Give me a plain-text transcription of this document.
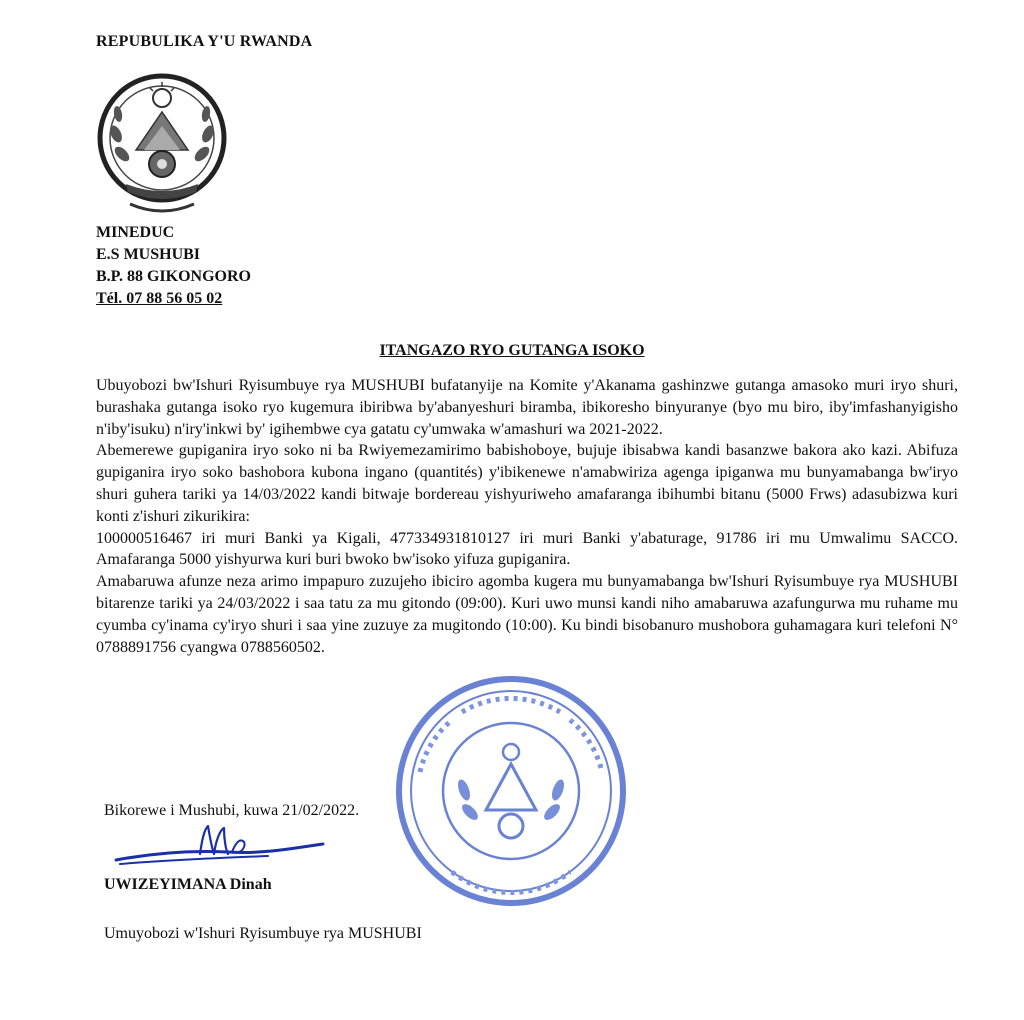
REPUBULIKA Y'U RWANDA
MINEDUC
E.S MUSHUBI
B.P. 88 GIKONGORO
Tél. 07 88 56 05 02
ITANGAZO RYO GUTANGA ISOKO

Ubuyobozi bw'Ishuri Ryisumbuye rya MUSHUBI bufatanyije na Komite y'Akanama gashinzwe gutanga amasoko muri iryo shuri, burashaka gutanga isoko ryo kugemura ibiribwa by'abanyeshuri biramba, ibikoresho binyuranye (byo mu biro, iby'imfashanyigisho n'iby'isuku) n'iry'inkwi by' igihembwe cya gatatu cy'umwaka w'amashuri wa 2021-2022.

Abemerewe gupiganira iryo soko ni ba Rwiyemezamirimo babishoboye, bujuje ibisabwa kandi basanzwe bakora ako kazi. Abifuza gupiganira iryo soko bashobora kubona ingano (quantités) y'ibikenewe n'amabwiriza agenga ipiganwa mu bunyamabanga bw'iryo shuri guhera tariki ya 14/03/2022 kandi bitwaje bordereau yishyuriweho amafaranga ibihumbi bitanu (5000 Frws) adasubizwa kuri konti z'ishuri zikurikira:

100000516467 iri muri Banki ya Kigali, 477334931810127 iri muri Banki y'abaturage, 91786 iri mu Umwalimu SACCO. Amafaranga 5000 yishyurwa kuri buri bwoko bw'isoko yifuza gupiganira.

Amabaruwa afunze neza arimo impapuro zuzujeho ibiciro agomba kugera mu bunyamabanga bw'Ishuri Ryisumbuye rya MUSHUBI bitarenze tariki ya 24/03/2022 i saa tatu za mu gitondo (09:00). Kuri uwo munsi kandi niho amabaruwa azafungurwa mu ruhame mu cyumba cy'inama cy'iryo shuri i saa yine zuzuye za mugitondo (10:00). Ku bindi bisobanuro mushobora guhamagara kuri telefoni N° 0788891756 cyangwa 0788560502.

Bikorewe i Mushubi, kuwa 21/02/2022.
UWIZEYIMANA Dinah
Umuyobozi w'Ishuri Ryisumbuye rya MUSHUBI
